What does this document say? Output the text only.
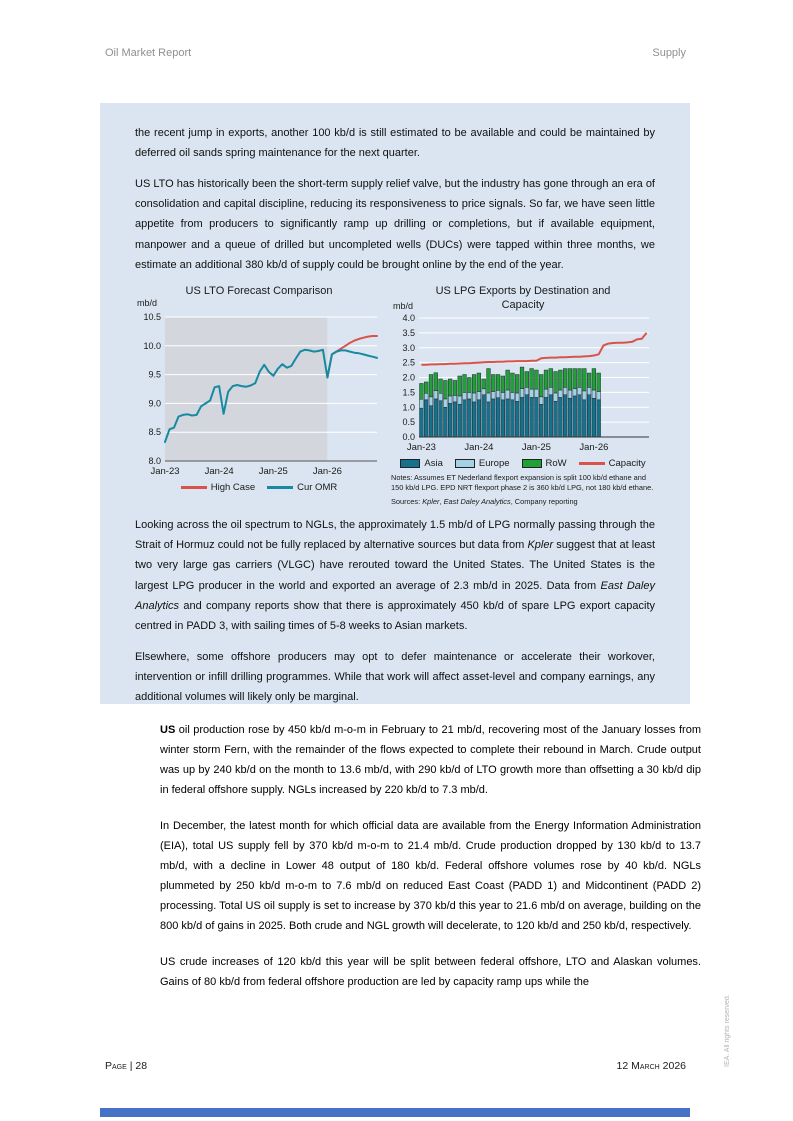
Oil Market Report	Supply

the recent jump in exports, another 100 kb/d is still estimated to be available and could be maintained by deferred oil sands spring maintenance for the next quarter.

US LTO has historically been the short-term supply relief valve, but the industry has gone through an era of consolidation and capital discipline, reducing its responsiveness to price signals. So far, we have seen little appetite from producers to significantly ramp up drilling or completions, but if available equipment, manpower and a queue of drilled but uncompleted wells (DUCs) were tapped within three months, we estimate an additional 380 kb/d of supply could be brought online by the end of the year.

US LTO Forecast Comparison
mb/d
8.0
8.5
9.0
9.5
10.0
10.5
Jan-23	Jan-24	Jan-25	Jan-26
High Case	Cur OMR
US LPG Exports by Destination and Capacity
mb/d
0.0
0.5
1.0
1.5
2.0
2.5
3.0
3.5
4.0
Jan-23	Jan-24	Jan-25	Jan-26
Asia	Europe	RoW	Capacity

Notes: Assumes ET Nederland flexport expansion is split 100 kb/d ethane and 150 kb/d LPG. EPD NRT flexport phase 2 is 360 kb/d LPG, not 180 kb/d ethane.

Sources: Kpler, East Daley Analytics, Company reporting

Looking across the oil spectrum to NGLs, the approximately 1.5 mb/d of LPG normally passing through the Strait of Hormuz could not be fully replaced by alternative sources but data from Kpler suggest that at least two very large gas carriers (VLGC) have rerouted toward the United States. The United States is the largest LPG producer in the world and exported an average of 2.3 mb/d in 2025. Data from East Daley Analytics and company reports show that there is approximately 450 kb/d of spare LPG export capacity centred in PADD 3, with sailing times of 5-8 weeks to Asian markets.

Elsewhere, some offshore producers may opt to defer maintenance or accelerate their workover, intervention or infill drilling programmes. While that work will affect asset-level and company earnings, any additional volumes will likely only be marginal.

US oil production rose by 450 kb/d m-o-m in February to 21 mb/d, recovering most of the January losses from winter storm Fern, with the remainder of the flows expected to complete their rebound in March. Crude output was up by 240 kb/d on the month to 13.6 mb/d, with 290 kb/d of LTO growth more than offsetting a 30 kb/d dip in federal offshore supply. NGLs increased by 220 kb/d to 7.3 mb/d.

In December, the latest month for which official data are available from the Energy Information Administration (EIA), total US supply fell by 370 kb/d m-o-m to 21.4 mb/d. Crude production dropped by 130 kb/d to 13.7 mb/d, with a decline in Lower 48 output of 180 kb/d. Federal offshore volumes rose by 40 kb/d. NGLs plummeted by 250 kb/d m-o-m to 7.6 mb/d on reduced East Coast (PADD 1) and Midcontinent (PADD 2) processing. Total US oil supply is set to increase by 370 kb/d this year to 21.6 mb/d on average, building on the 800 kb/d of gains in 2025. Both crude and NGL growth will decelerate, to 120 kb/d and 250 kb/d, respectively.

US crude increases of 120 kb/d this year will be split between federal offshore, LTO and Alaskan volumes. Gains of 80 kb/d from federal offshore production are led by capacity ramp ups while the

Page | 28	12 March 2026	IEA. All rights reserved.
